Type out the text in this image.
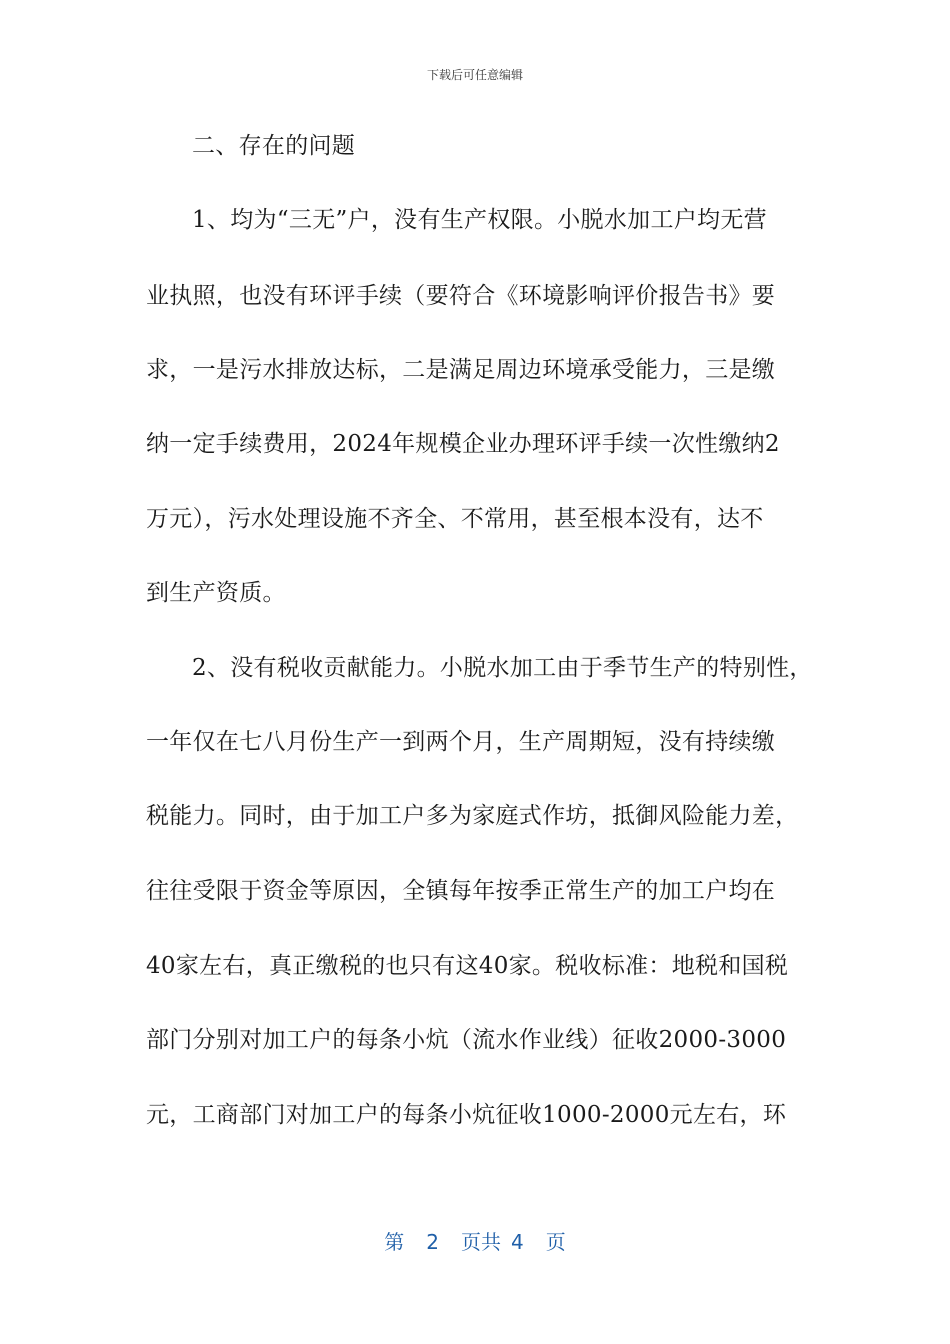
下载后可任意编辑
二、存在的问题
1、均为“三无”户，没有生产权限。小脱水加工户均无营
业执照，也没有环评手续（要符合《环境影响评价报告书》要
求，一是污水排放达标，二是满足周边环境承受能力，三是缴
纳一定手续费用，2024年规模企业办理环评手续一次性缴纳2
万元），污水处理设施不齐全、不常用，甚至根本没有，达不
到生产资质。
2、没有税收贡献能力。小脱水加工由于季节生产的特别性，
一年仅在七八月份生产一到两个月，生产周期短，没有持续缴
税能力。同时，由于加工户多为家庭式作坊，抵御风险能力差，
往往受限于资金等原因，全镇每年按季正常生产的加工户均在
40家左右，真正缴税的也只有这40家。税收标准：地税和国税
部门分别对加工户的每条小炕（流水作业线）征收2000-3000
元，工商部门对加工户的每条小炕征收1000-2000元左右，环
第 2 页共 4 页
